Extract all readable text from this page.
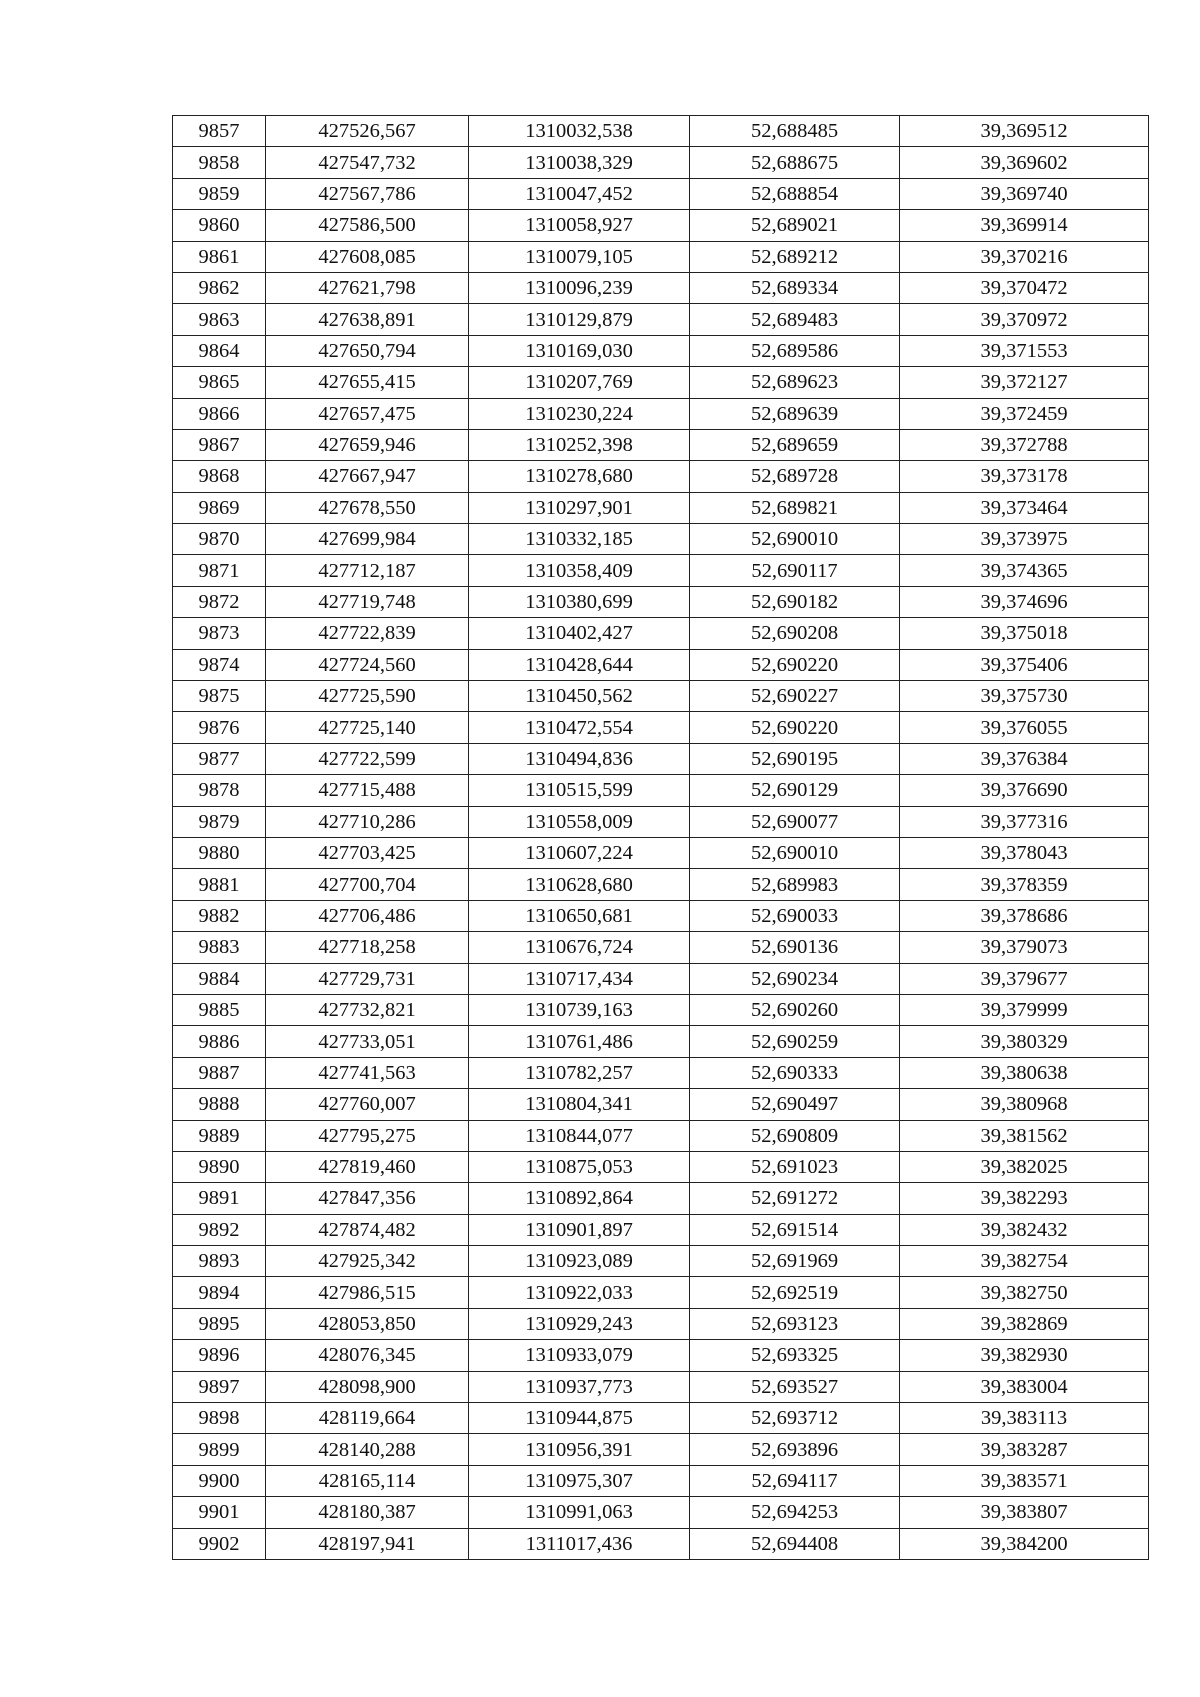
9857	427526,567	1310032,538	52,688485	39,369512
9858	427547,732	1310038,329	52,688675	39,369602
9859	427567,786	1310047,452	52,688854	39,369740
9860	427586,500	1310058,927	52,689021	39,369914
9861	427608,085	1310079,105	52,689212	39,370216
9862	427621,798	1310096,239	52,689334	39,370472
9863	427638,891	1310129,879	52,689483	39,370972
9864	427650,794	1310169,030	52,689586	39,371553
9865	427655,415	1310207,769	52,689623	39,372127
9866	427657,475	1310230,224	52,689639	39,372459
9867	427659,946	1310252,398	52,689659	39,372788
9868	427667,947	1310278,680	52,689728	39,373178
9869	427678,550	1310297,901	52,689821	39,373464
9870	427699,984	1310332,185	52,690010	39,373975
9871	427712,187	1310358,409	52,690117	39,374365
9872	427719,748	1310380,699	52,690182	39,374696
9873	427722,839	1310402,427	52,690208	39,375018
9874	427724,560	1310428,644	52,690220	39,375406
9875	427725,590	1310450,562	52,690227	39,375730
9876	427725,140	1310472,554	52,690220	39,376055
9877	427722,599	1310494,836	52,690195	39,376384
9878	427715,488	1310515,599	52,690129	39,376690
9879	427710,286	1310558,009	52,690077	39,377316
9880	427703,425	1310607,224	52,690010	39,378043
9881	427700,704	1310628,680	52,689983	39,378359
9882	427706,486	1310650,681	52,690033	39,378686
9883	427718,258	1310676,724	52,690136	39,379073
9884	427729,731	1310717,434	52,690234	39,379677
9885	427732,821	1310739,163	52,690260	39,379999
9886	427733,051	1310761,486	52,690259	39,380329
9887	427741,563	1310782,257	52,690333	39,380638
9888	427760,007	1310804,341	52,690497	39,380968
9889	427795,275	1310844,077	52,690809	39,381562
9890	427819,460	1310875,053	52,691023	39,382025
9891	427847,356	1310892,864	52,691272	39,382293
9892	427874,482	1310901,897	52,691514	39,382432
9893	427925,342	1310923,089	52,691969	39,382754
9894	427986,515	1310922,033	52,692519	39,382750
9895	428053,850	1310929,243	52,693123	39,382869
9896	428076,345	1310933,079	52,693325	39,382930
9897	428098,900	1310937,773	52,693527	39,383004
9898	428119,664	1310944,875	52,693712	39,383113
9899	428140,288	1310956,391	52,693896	39,383287
9900	428165,114	1310975,307	52,694117	39,383571
9901	428180,387	1310991,063	52,694253	39,383807
9902	428197,941	1311017,436	52,694408	39,384200
